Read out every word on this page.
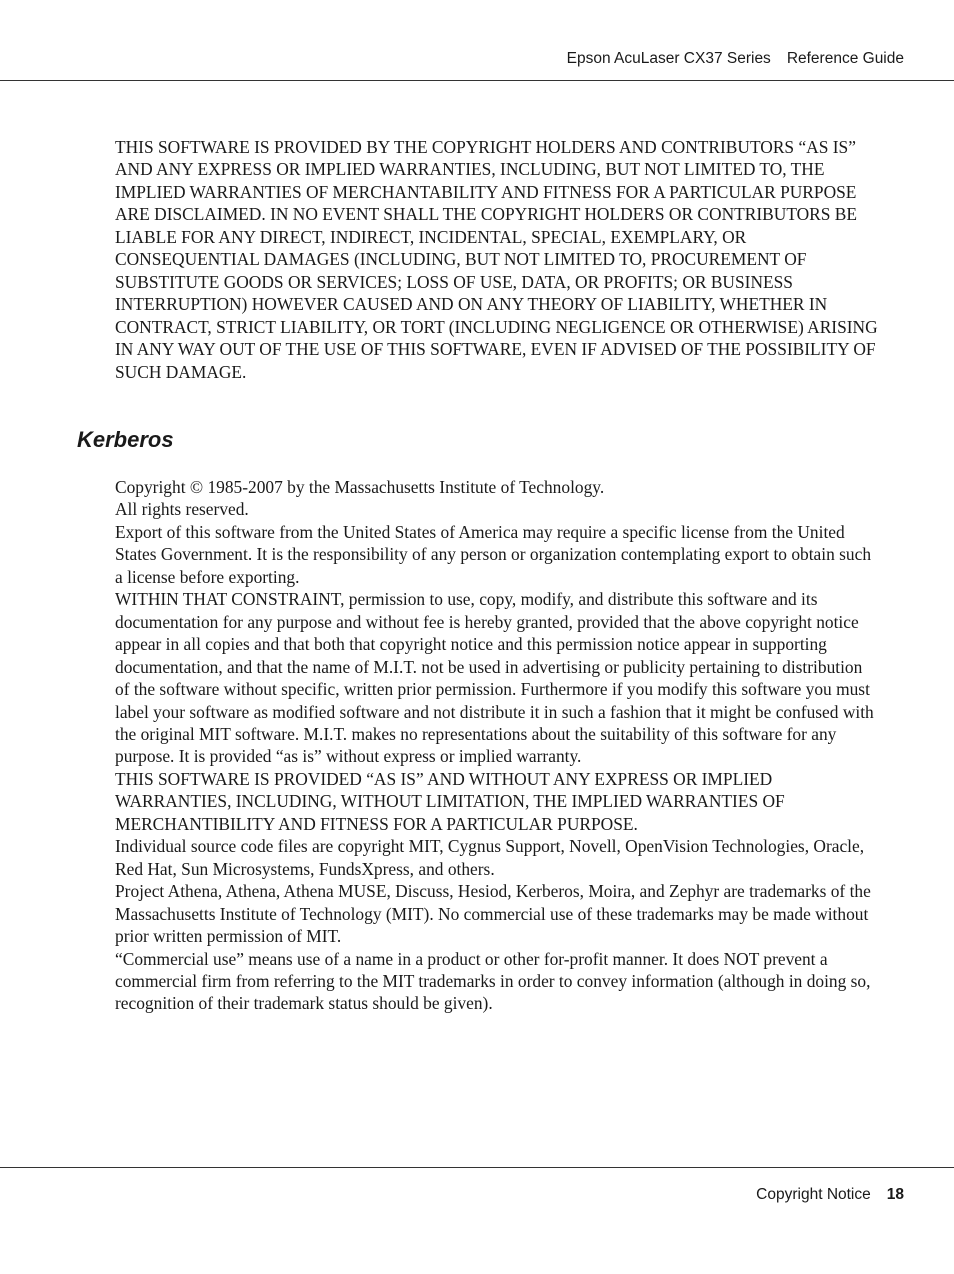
Epson AcuLaser CX37 Series Reference Guide

THIS SOFTWARE IS PROVIDED BY THE COPYRIGHT HOLDERS AND CONTRIBUTORS “AS IS” AND ANY EXPRESS OR IMPLIED WARRANTIES, INCLUDING, BUT NOT LIMITED TO, THE IMPLIED WARRANTIES OF MERCHANTABILITY AND FITNESS FOR A PARTICULAR PURPOSE ARE DISCLAIMED. IN NO EVENT SHALL THE COPYRIGHT HOLDERS OR CONTRIBUTORS BE LIABLE FOR ANY DIRECT, INDIRECT, INCIDENTAL, SPECIAL, EXEMPLARY, OR CONSEQUENTIAL DAMAGES (INCLUDING, BUT NOT LIMITED TO, PROCUREMENT OF SUBSTITUTE GOODS OR SERVICES; LOSS OF USE, DATA, OR PROFITS; OR BUSINESS INTERRUPTION) HOWEVER CAUSED AND ON ANY THEORY OF LIABILITY, WHETHER IN CONTRACT, STRICT LIABILITY, OR TORT (INCLUDING NEGLIGENCE OR OTHERWISE) ARISING IN ANY WAY OUT OF THE USE OF THIS SOFTWARE, EVEN IF ADVISED OF THE POSSIBILITY OF SUCH DAMAGE.

Kerberos

Copyright © 1985-2007 by the Massachusetts Institute of Technology.

All rights reserved.

Export of this software from the United States of America may require a specific license from the United States Government. It is the responsibility of any person or organization contemplating export to obtain such a license before exporting.

WITHIN THAT CONSTRAINT, permission to use, copy, modify, and distribute this software and its documentation for any purpose and without fee is hereby granted, provided that the above copyright notice appear in all copies and that both that copyright notice and this permission notice appear in supporting documentation, and that the name of M.I.T. not be used in advertising or publicity pertaining to distribution of the software without specific, written prior permission. Furthermore if you modify this software you must label your software as modified software and not distribute it in such a fashion that it might be confused with the original MIT software. M.I.T. makes no representations about the suitability of this software for any purpose. It is provided “as is” without express or implied warranty.

THIS SOFTWARE IS PROVIDED “AS IS” AND WITHOUT ANY EXPRESS OR IMPLIED WARRANTIES, INCLUDING, WITHOUT LIMITATION, THE IMPLIED WARRANTIES OF MERCHANTIBILITY AND FITNESS FOR A PARTICULAR PURPOSE.

Individual source code files are copyright MIT, Cygnus Support, Novell, OpenVision Technologies, Oracle, Red Hat, Sun Microsystems, FundsXpress, and others.

Project Athena, Athena, Athena MUSE, Discuss, Hesiod, Kerberos, Moira, and Zephyr are trademarks of the Massachusetts Institute of Technology (MIT). No commercial use of these trademarks may be made without prior written permission of MIT.

“Commercial use” means use of a name in a product or other for-profit manner. It does NOT prevent a commercial firm from referring to the MIT trademarks in order to convey information (although in doing so, recognition of their trademark status should be given).

Copyright Notice 18
